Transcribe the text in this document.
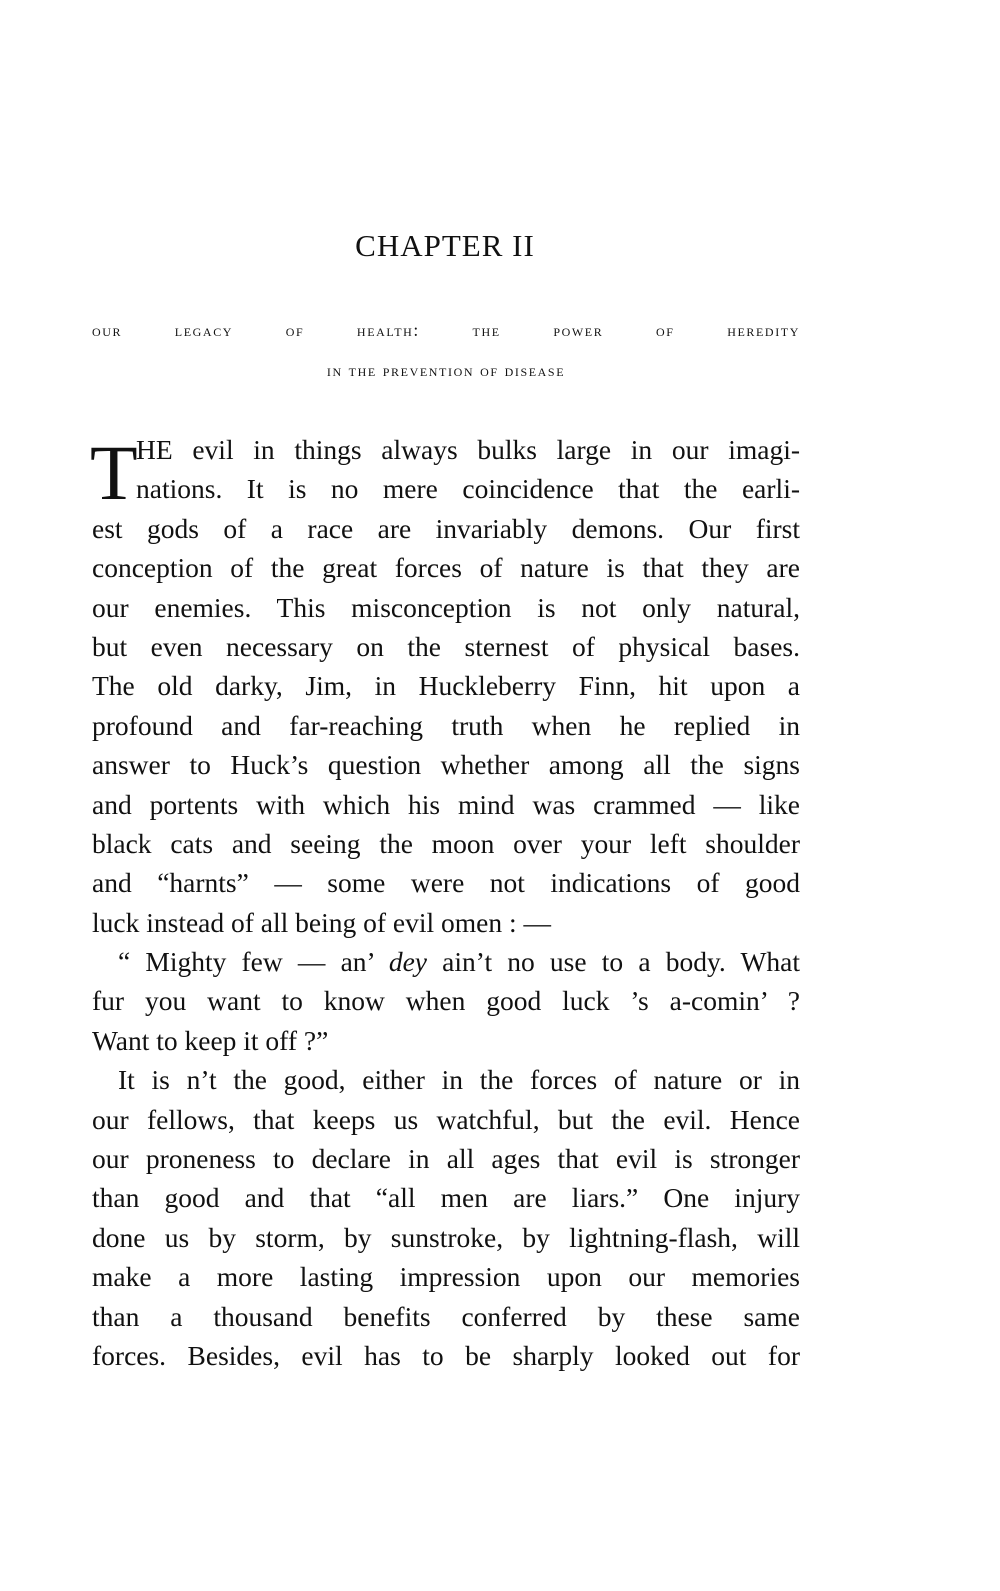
CHAPTER II
our legacy of health: the power of heredity
in the prevention of disease
T
HE evil in things always bulks large in our imagi-
nations. It is no mere coincidence that the earli-
est gods of a race are invariably demons. Our first
conception of the great forces of nature is that they are
our enemies. This misconception is not only natural,
but even necessary on the sternest of physical bases.
The old darky, Jim, in Huckleberry Finn, hit upon a
profound and far-reaching truth when he replied in
answer to Huck’s question whether among all the signs
and portents with which his mind was crammed — like
black cats and seeing the moon over your left shoulder
and “harnts” — some were not indications of good
luck instead of all being of evil omen : —
“ Mighty few — an’ dey ain’t no use to a body. What
fur you want to know when good luck ’s a-comin’ ?
Want to keep it off ?”
It is n’t the good, either in the forces of nature or in
our fellows, that keeps us watchful, but the evil. Hence
our proneness to declare in all ages that evil is stronger
than good and that “all men are liars.” One injury
done us by storm, by sunstroke, by lightning-flash, will
make a more lasting impression upon our memories
than a thousand benefits conferred by these same
forces. Besides, evil has to be sharply looked out for
